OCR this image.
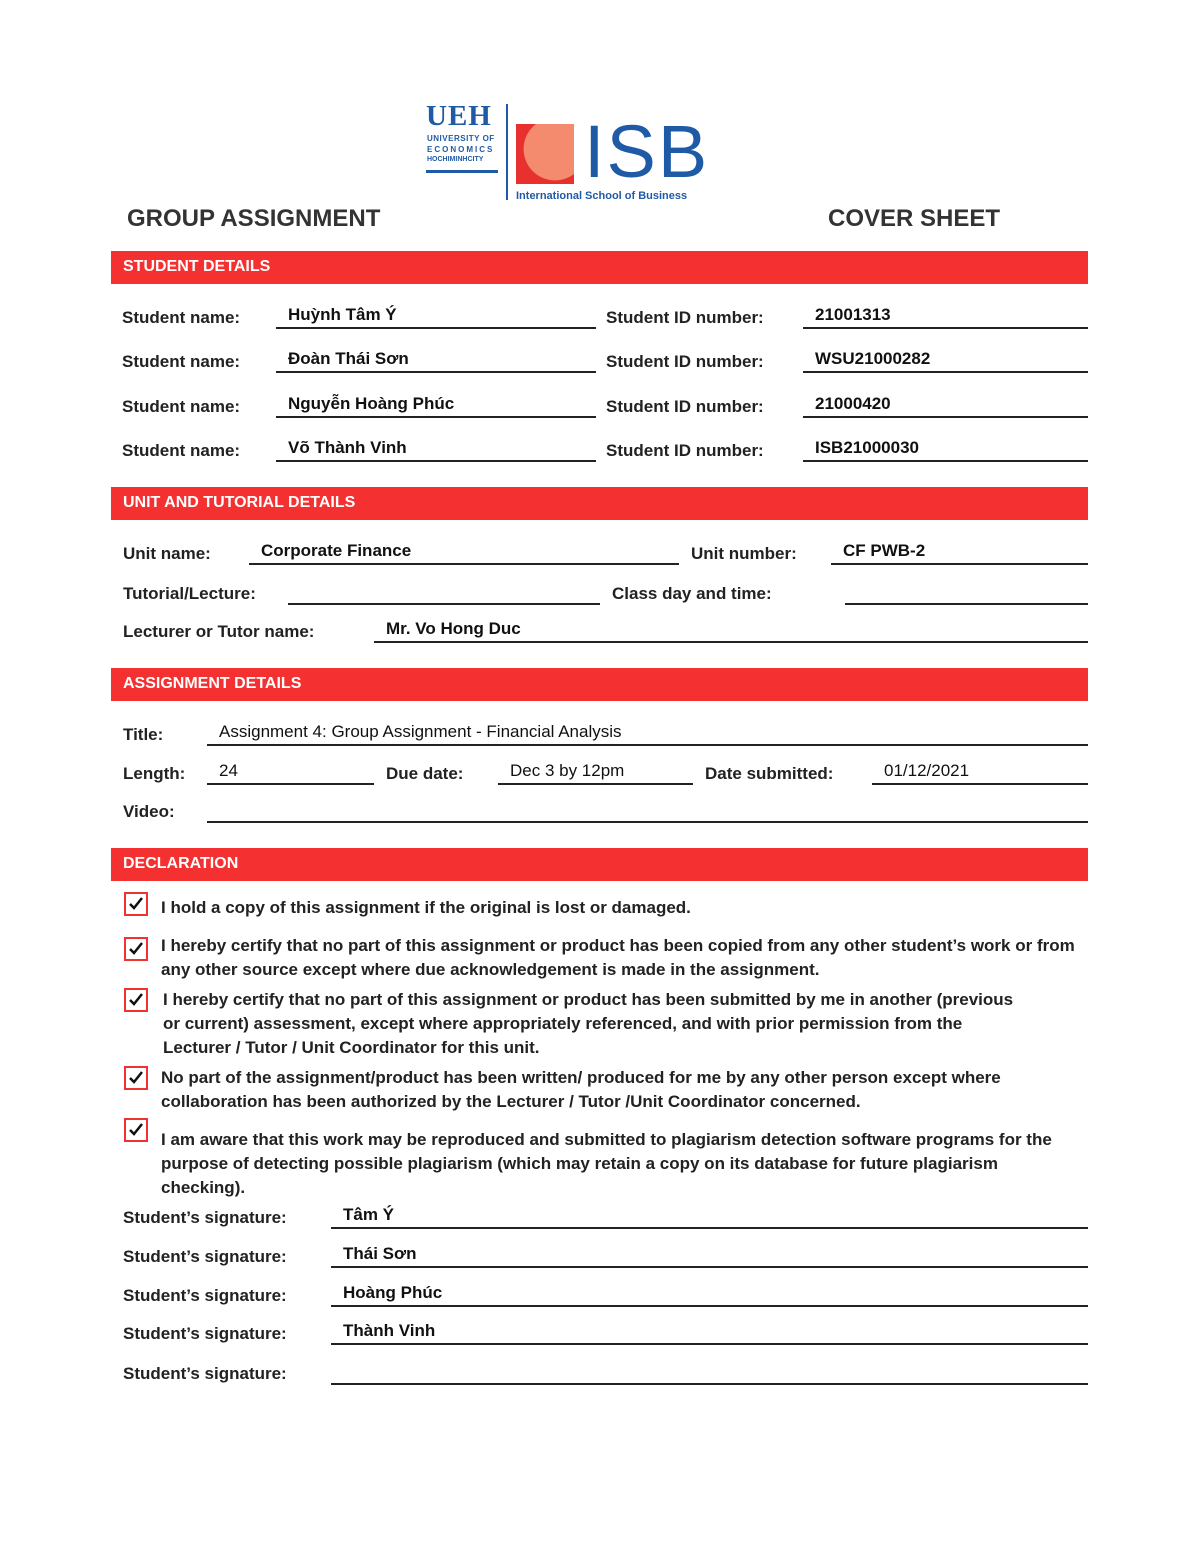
UEH
UNIVERSITY OF
ECONOMICS
HOCHIMINHCITY ISB
International School of Business
GROUP ASSIGNMENT	COVER SHEET
STUDENT DETAILS
Student name:	Huỳnh Tâm Ý	Student ID number:	21001313
Student name:	Đoàn Thái Sơn	Student ID number:	WSU21000282
Student name:	Nguyễn Hoàng Phúc	Student ID number:	21000420
Student name:	Võ Thành Vinh	Student ID number:	ISB21000030
UNIT AND TUTORIAL DETAILS
Unit name:	Corporate Finance	Unit number:	CF PWB-2
Tutorial/Lecture:	Class day and time:
Lecturer or Tutor name:	Mr. Vo Hong Duc
ASSIGNMENT DETAILS
Title:	Assignment 4: Group Assignment - Financial Analysis
Length:	24	Due date:	Dec 3 by 12pm	Date submitted:	01/12/2021
Video:
DECLARATION
I hold a copy of this assignment if the original is lost or damaged.
I hereby certify that no part of this assignment or product has been copied from any other student’s work or from any other source except where due acknowledgement is made in the assignment.
I hereby certify that no part of this assignment or product has been submitted by me in another (previous or current) assessment, except where appropriately referenced, and with prior permission from the Lecturer / Tutor / Unit Coordinator for this unit.
No part of the assignment/product has been written/ produced for me by any other person except where collaboration has been authorized by the Lecturer / Tutor /Unit Coordinator concerned.
I am aware that this work may be reproduced and submitted to plagiarism detection software programs for the purpose of detecting possible plagiarism (which may retain a copy on its database for future plagiarism checking).
Student’s signature:	Tâm Ý
Student’s signature:	Thái Sơn
Student’s signature:	Hoàng Phúc
Student’s signature:	Thành Vinh
Student’s signature:
